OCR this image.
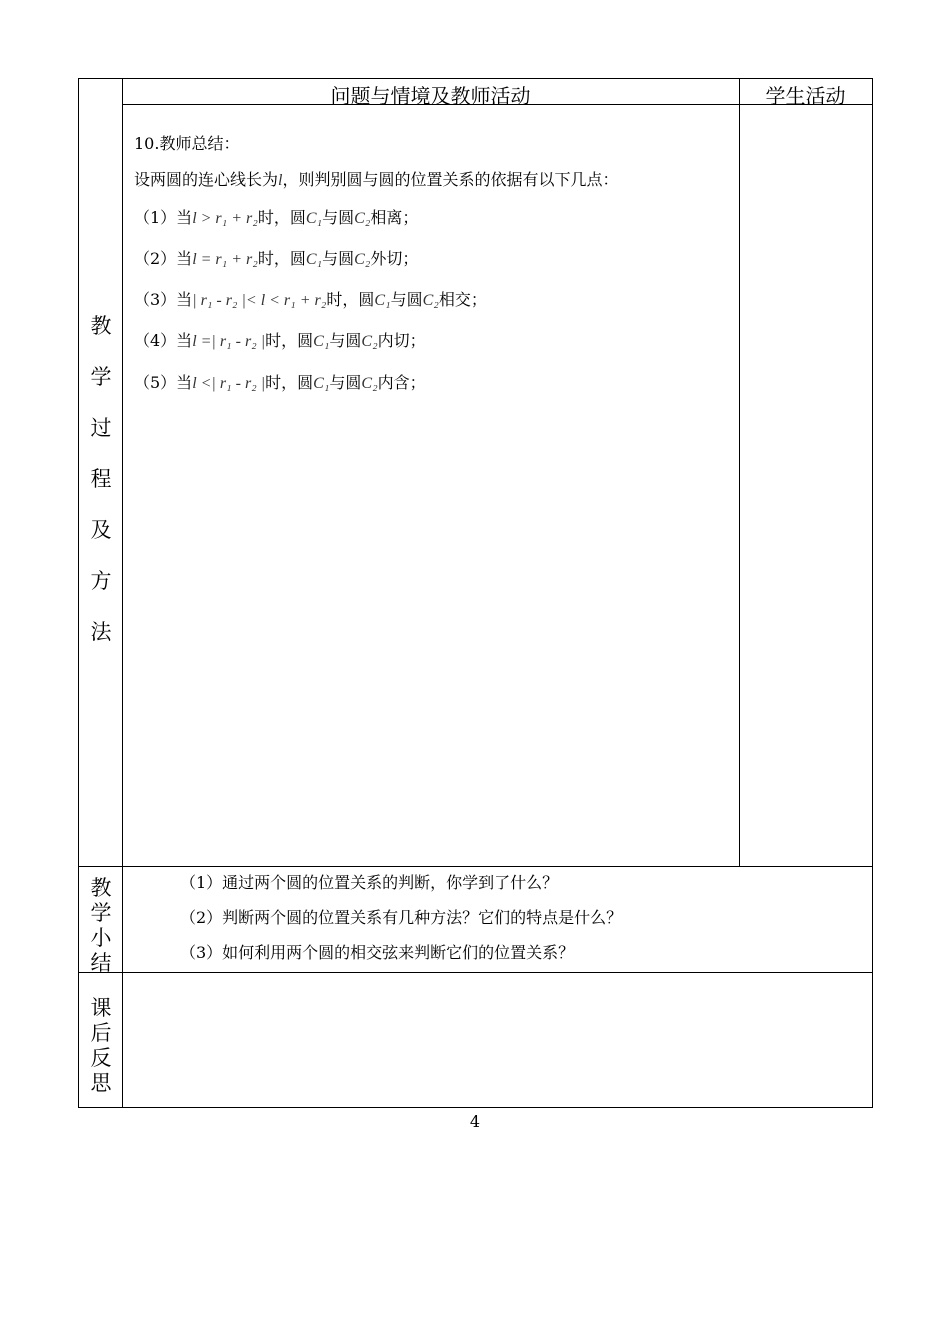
问题与情境及教师活动	学生活动
教
学
过
程
及
方
法
10.教师总结：
设两圆的连心线长为l，则判别圆与圆的位置关系的依据有以下几点：
（1）当l > r₁ + r₂时，圆C₁与圆C₂相离；
（2）当l = r₁ + r₂时，圆C₁与圆C₂外切；
（3）当| r₁ - r₂ |< l < r₁ + r₂时，圆C₁与圆C₂相交；
（4）当l =| r₁ - r₂ |时，圆C₁与圆C₂内切；
（5）当l <| r₁ - r₂ |时，圆C₁与圆C₂内含；
教
学
小
结
（1）通过两个圆的位置关系的判断，你学到了什么？
（2）判断两个圆的位置关系有几种方法？它们的特点是什么？
（3）如何利用两个圆的相交弦来判断它们的位置关系？
课
后
反
思
4
